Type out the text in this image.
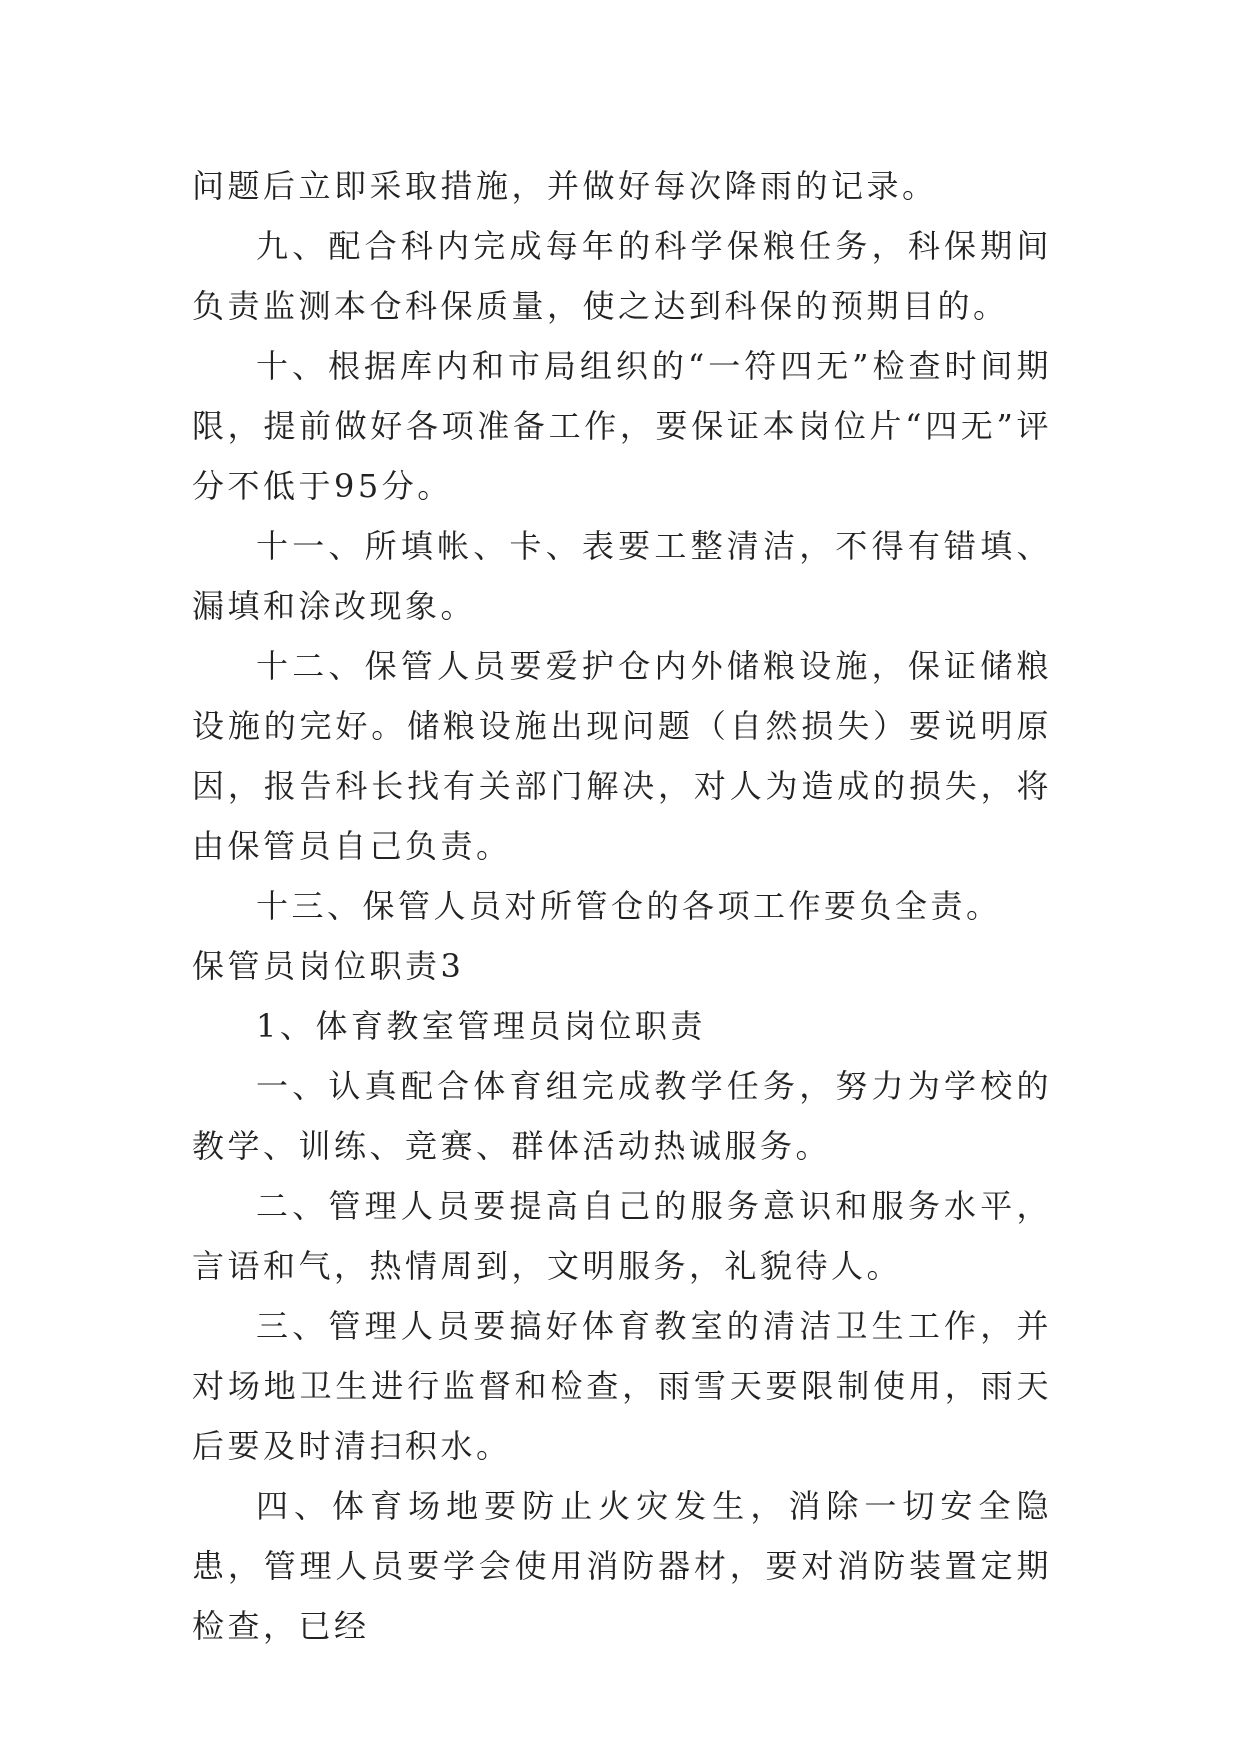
问题后立即采取措施，并做好每次降雨的记录。

九、配合科内完成每年的科学保粮任务，科保期间负责监测本仓科保质量，使之达到科保的预期目的。

十、根据库内和市局组织的“一符四无”检查时间期限，提前做好各项准备工作，要保证本岗位片“四无”评分不低于95分。

十一、所填帐、卡、表要工整清洁，不得有错填、漏填和涂改现象。

十二、保管人员要爱护仓内外储粮设施，保证储粮设施的完好。储粮设施出现问题（自然损失）要说明原因，报告科长找有关部门解决，对人为造成的损失，将由保管员自己负责。

十三、保管人员对所管仓的各项工作要负全责。

保管员岗位职责3

1、体育教室管理员岗位职责

一、认真配合体育组完成教学任务，努力为学校的教学、训练、竞赛、群体活动热诚服务。

二、管理人员要提高自己的服务意识和服务水平，言语和气，热情周到，文明服务，礼貌待人。

三、管理人员要搞好体育教室的清洁卫生工作，并对场地卫生进行监督和检查，雨雪天要限制使用，雨天后要及时清扫积水。

四、体育场地要防止火灾发生，消除一切安全隐患，管理人员要学会使用消防器材，要对消防装置定期检查，已经
